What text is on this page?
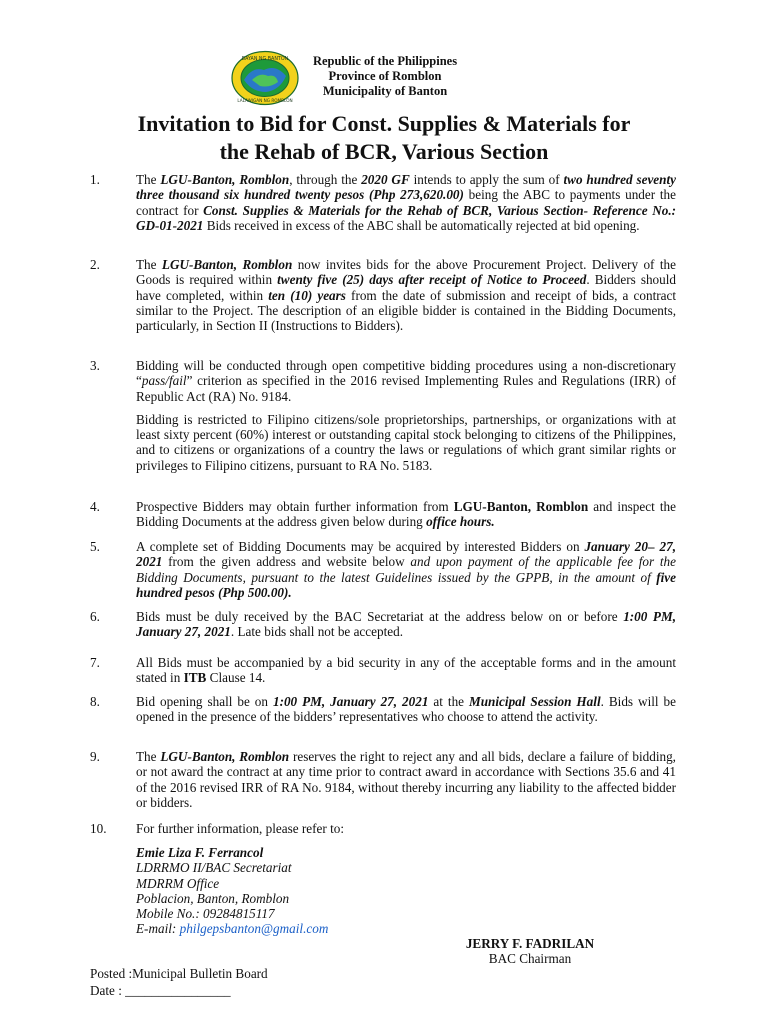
BAYAN NG BANTON
LALAWIGAN NG ROMBLON
Republic of the Philippines
Province of Romblon
Municipality of Banton
Invitation to Bid for Const. Supplies & Materials for
the Rehab of BCR, Various Section
1.	The LGU-Banton, Romblon, through the 2020 GF intends to apply the sum of two hundred seventy three thousand six hundred twenty pesos (Php 273,620.00) being the ABC to payments under the contract for Const. Supplies & Materials for the Rehab of BCR, Various Section- Reference No.: GD-01-2021 Bids received in excess of the ABC shall be automatically rejected at bid opening.

2.	The LGU-Banton, Romblon now invites bids for the above Procurement Project. Delivery of the Goods is required within twenty five (25) days after receipt of Notice to Proceed. Bidders should have completed, within ten (10) years from the date of submission and receipt of bids, a contract similar to the Project. The description of an eligible bidder is contained in the Bidding Documents, particularly, in Section II (Instructions to Bidders).

3.	Bidding will be conducted through open competitive bidding procedures using a non-discretionary “pass/fail” criterion as specified in the 2016 revised Implementing Rules and Regulations (IRR) of Republic Act (RA) No. 9184.

Bidding is restricted to Filipino citizens/sole proprietorships, partnerships, or organizations with at least sixty percent (60%) interest or outstanding capital stock belonging to citizens of the Philippines, and to citizens or organizations of a country the laws or regulations of which grant similar rights or privileges to Filipino citizens, pursuant to RA No. 5183.

4.	Prospective Bidders may obtain further information from LGU-Banton, Romblon and inspect the Bidding Documents at the address given below during office hours.

5.	A complete set of Bidding Documents may be acquired by interested Bidders on January 20– 27, 2021 from the given address and website below and upon payment of the applicable fee for the Bidding Documents, pursuant to the latest Guidelines issued by the GPPB, in the amount of five hundred pesos (Php 500.00).

6.	Bids must be duly received by the BAC Secretariat at the address below on or before 1:00 PM, January 27, 2021. Late bids shall not be accepted.

7.	All Bids must be accompanied by a bid security in any of the acceptable forms and in the amount stated in ITB Clause 14.

8.	Bid opening shall be on 1:00 PM, January 27, 2021 at the Municipal Session Hall. Bids will be opened in the presence of the bidders’ representatives who choose to attend the activity.

9.	The LGU-Banton, Romblon reserves the right to reject any and all bids, declare a failure of bidding, or not award the contract at any time prior to contract award in accordance with Sections 35.6 and 41 of the 2016 revised IRR of RA No. 9184, without thereby incurring any liability to the affected bidder or bidders.

10.	For further information, please refer to:

Emie Liza F. Ferrancol
LDRRMO II/BAC Secretariat
MDRRM Office
Poblacion, Banton, Romblon
Mobile No.: 09284815117
E-mail: philgepsbanton@gmail.com
JERRY F. FADRILAN
BAC Chairman
Posted :Municipal Bulletin Board
Date : ________________
